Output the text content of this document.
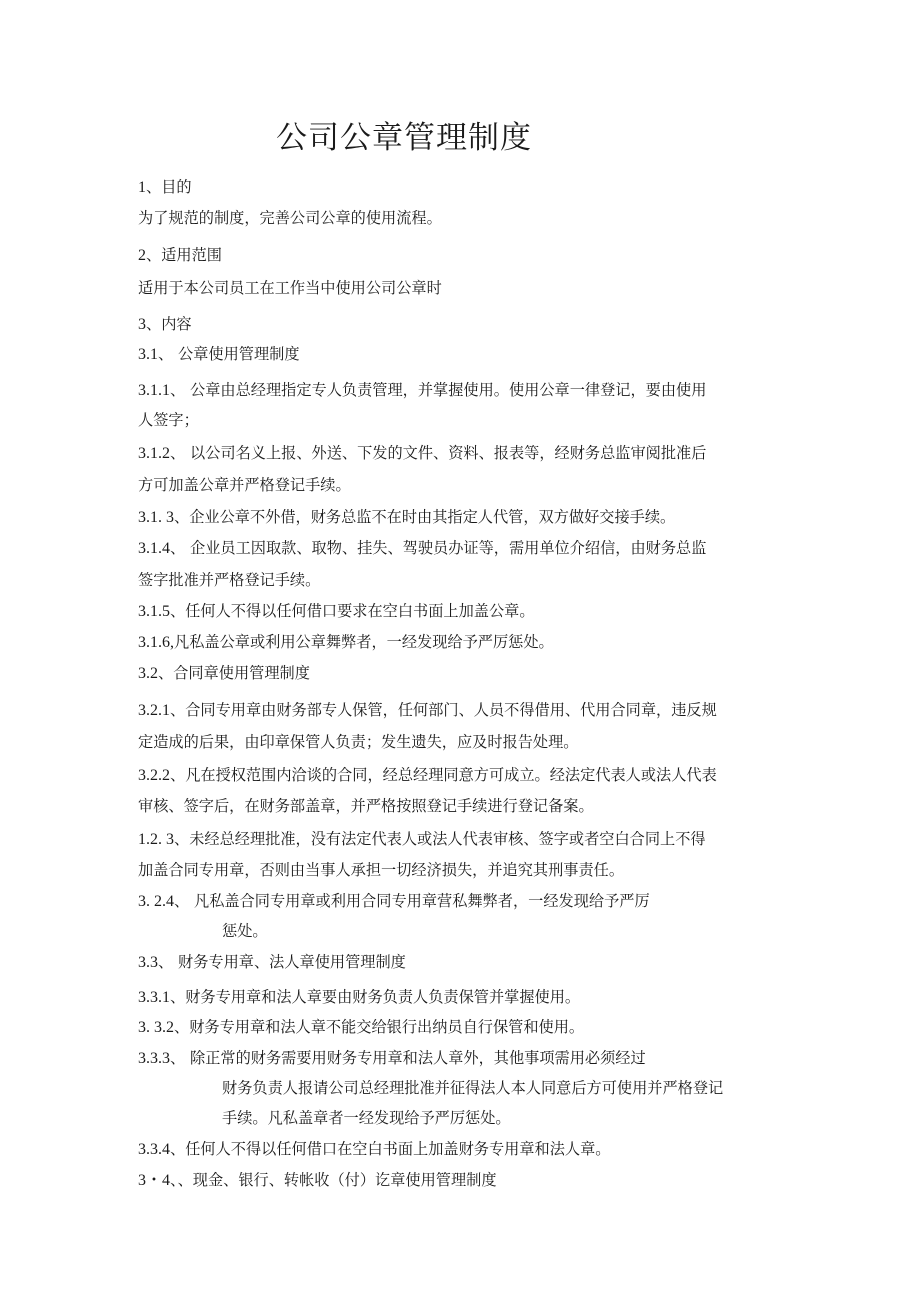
公司公章管理制度
1、目的
为了规范的制度，完善公司公章的使用流程。
2、适用范围
适用于本公司员工在工作当中使用公司公章时
3、内容
3.1、 公章使用管理制度
3.1.1、 公章由总经理指定专人负责管理，并掌握使用。使用公章一律登记，要由使用
人签字；
3.1.2、 以公司名义上报、外送、下发的文件、资料、报表等，经财务总监审阅批准后
方可加盖公章并严格登记手续。
3.1. 3、企业公章不外借，财务总监不在时由其指定人代管，双方做好交接手续。
3.1.4、 企业员工因取款、取物、挂失、驾驶员办证等，需用单位介绍信，由财务总监
签字批准并严格登记手续。
3.1.5、任何人不得以任何借口要求在空白书面上加盖公章。
3.1.6,凡私盖公章或利用公章舞弊者，一经发现给予严厉惩处。
3.2、合同章使用管理制度
3.2.1、合同专用章由财务部专人保管，任何部门、人员不得借用、代用合同章，违反规
定造成的后果，由印章保管人负责；发生遗失，应及时报告处理。
3.2.2、凡在授权范围内洽谈的合同，经总经理同意方可成立。经法定代表人或法人代表
审核、签字后，在财务部盖章，并严格按照登记手续进行登记备案。
1.2. 3、未经总经理批准，没有法定代表人或法人代表审核、签字或者空白合同上不得
加盖合同专用章，否则由当事人承担一切经济损失，并追究其刑事责任。
3. 2.4、 凡私盖合同专用章或利用合同专用章营私舞弊者，一经发现给予严厉
惩处。
3.3、 财务专用章、法人章使用管理制度
3.3.1、财务专用章和法人章要由财务负责人负责保管并掌握使用。
3. 3.2、财务专用章和法人章不能交给银行出纳员自行保管和使用。
3.3.3、 除正常的财务需要用财务专用章和法人章外，其他事项需用必须经过
财务负责人报请公司总经理批准并征得法人本人同意后方可使用并严格登记
手续。凡私盖章者一经发现给予严厉惩处。
3.3.4、任何人不得以任何借口在空白书面上加盖财务专用章和法人章。
3・4、、现金、银行、转帐收（付）讫章使用管理制度
